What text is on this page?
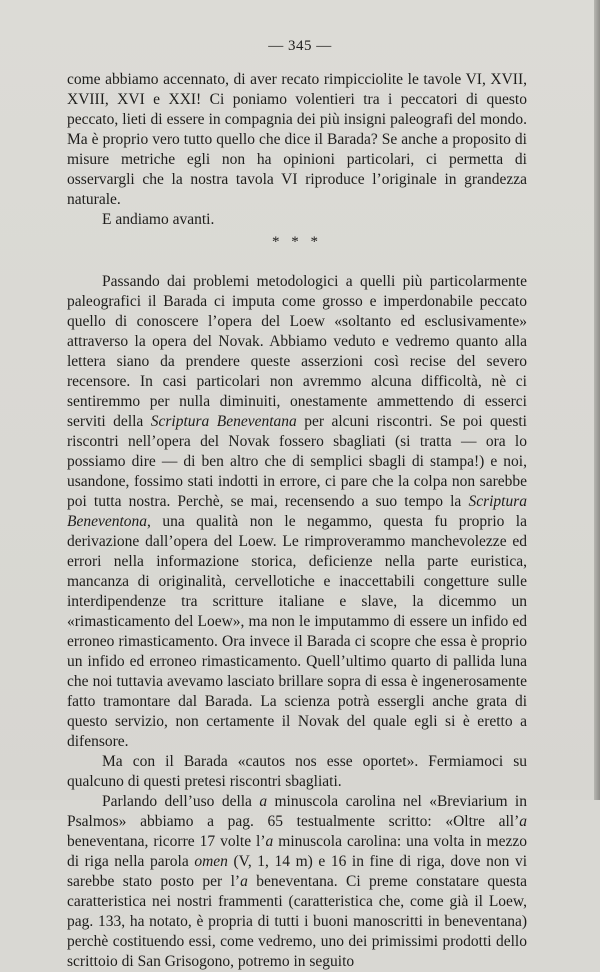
— 345 —

come abbiamo accennato, di aver recato rimpicciolite le tavole VI, XVII, XVIII, XVI e XXI! Ci poniamo volentieri tra i peccatori di questo peccato, lieti di essere in compagnia dei più insigni paleografi del mondo. Ma è proprio vero tutto quello che dice il Barada? Se anche a proposito di misure metriche egli non ha opinioni particolari, ci permetta di osservargli che la nostra tavola VI riproduce l’originale in grandezza naturale.

E andiamo avanti.

* * *

Passando dai problemi metodologici a quelli più particolarmente paleografici il Barada ci imputa come grosso e imperdonabile peccato quello di conoscere l’opera del Loew «soltanto ed esclusivamente» attraverso la opera del Novak. Abbiamo veduto e vedremo quanto alla lettera siano da prendere queste asserzioni così recise del severo recensore. In casi particolari non avremmo alcuna difficoltà, nè ci sentiremmo per nulla diminuiti, onestamente ammettendo di esserci serviti della Scriptura Beneventana per alcuni riscontri. Se poi questi riscontri nell’opera del Novak fossero sbagliati (si tratta — ora lo possiamo dire — di ben altro che di semplici sbagli di stampa!) e noi, usandone, fossimo stati indotti in errore, ci pare che la colpa non sarebbe poi tutta nostra. Perchè, se mai, recensendo a suo tempo la Scriptura Beneventona, una qualità non le negammo, questa fu proprio la derivazione dall’opera del Loew. Le rimproverammo manchevolezze ed errori nella informazione storica, deficienze nella parte euristica, mancanza di originalità, cervellotiche e inaccettabili congetture sulle interdipendenze tra scritture italiane e slave, la dicemmo un «rimasticamento del Loew», ma non le imputammo di essere un infido ed erroneo rimasticamento. Ora invece il Barada ci scopre che essa è proprio un infido ed erroneo rimasticamento. Quell’ultimo quarto di pallida luna che noi tuttavia avevamo lasciato brillare sopra di essa è ingenerosamente fatto tramontare dal Barada. La scienza potrà essergli anche grata di questo servizio, non certamente il Novak del quale egli si è eretto a difensore.

Ma con il Barada «cautos nos esse oportet». Fermiamoci su qualcuno di questi pretesi riscontri sbagliati.

Parlando dell’uso della a minuscola carolina nel «Breviarium in Psalmos» abbiamo a pag. 65 testualmente scritto: «Oltre all’a beneventana, ricorre 17 volte l’a minuscola carolina: una volta in mezzo di riga nella parola omen (V, 1, 14 m) e 16 in fine di riga, dove non vi sarebbe stato posto per l’a beneventana. Ci preme constatare questa caratteristica nei nostri frammenti (caratteristica che, come già il Loew, pag. 133, ha notato, è propria di tutti i buoni manoscritti in beneventana) perchè costituendo essi, come vedremo, uno dei primissimi prodotti dello scrittoio di San Grisogono, potremo in seguito
